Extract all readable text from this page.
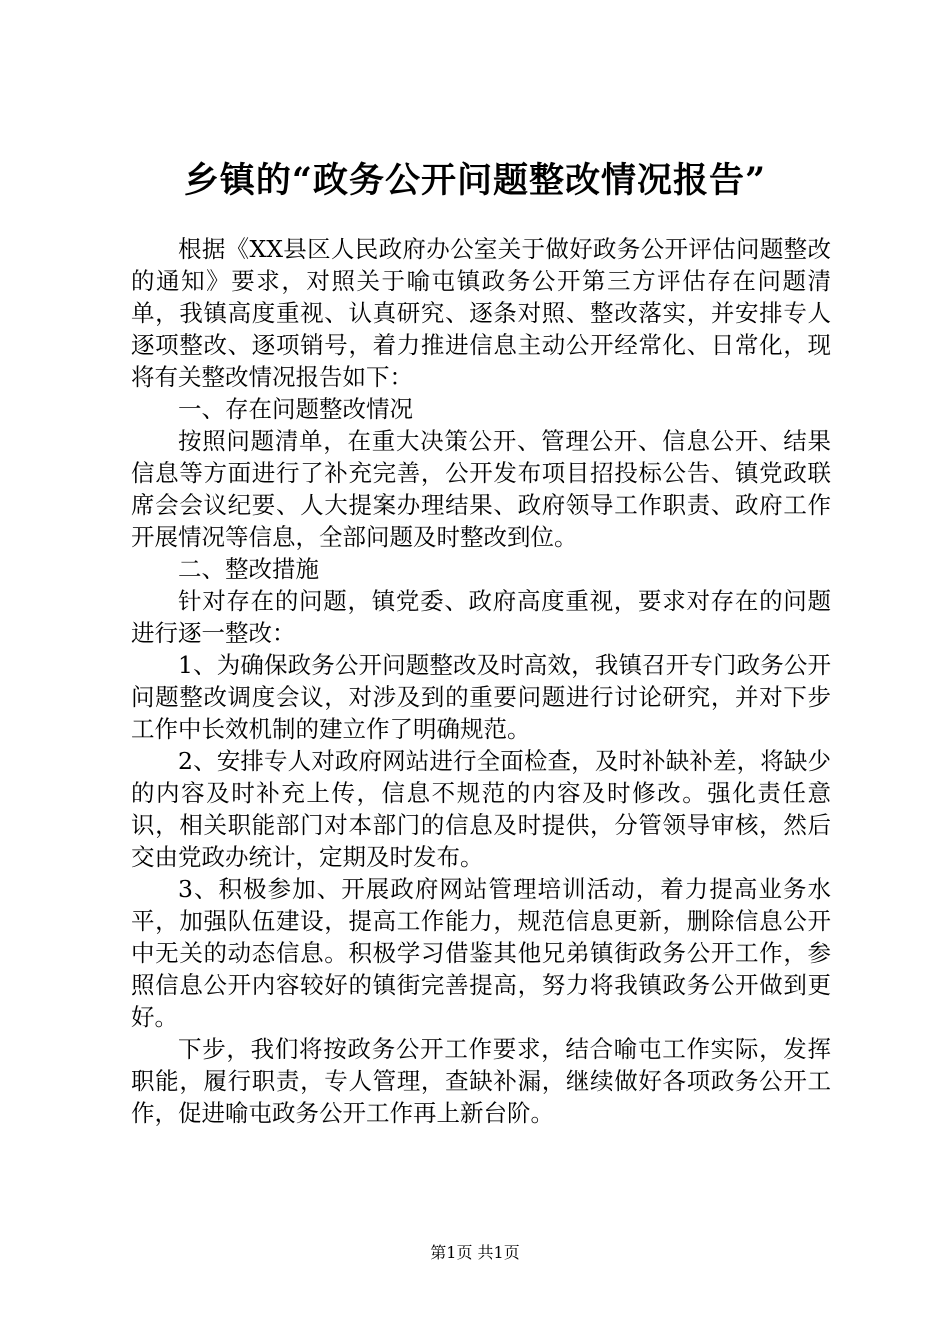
乡镇的“政务公开问题整改情况报告”

根据《XX县区人民政府办公室关于做好政务公开评估问题整改的通知》要求，对照关于喻屯镇政务公开第三方评估存在问题清单，我镇高度重视、认真研究、逐条对照、整改落实，并安排专人逐项整改、逐项销号，着力推进信息主动公开经常化、日常化，现将有关整改情况报告如下：

一、存在问题整改情况

按照问题清单，在重大决策公开、管理公开、信息公开、结果信息等方面进行了补充完善，公开发布项目招投标公告、镇党政联席会会议纪要、人大提案办理结果、政府领导工作职责、政府工作开展情况等信息，全部问题及时整改到位。

二、整改措施

针对存在的问题，镇党委、政府高度重视，要求对存在的问题进行逐一整改：

1、为确保政务公开问题整改及时高效，我镇召开专门政务公开问题整改调度会议，对涉及到的重要问题进行讨论研究，并对下步工作中长效机制的建立作了明确规范。

2、安排专人对政府网站进行全面检查，及时补缺补差，将缺少的内容及时补充上传，信息不规范的内容及时修改。强化责任意识，相关职能部门对本部门的信息及时提供，分管领导审核，然后交由党政办统计，定期及时发布。

3、积极参加、开展政府网站管理培训活动，着力提高业务水平，加强队伍建设，提高工作能力，规范信息更新，删除信息公开中无关的动态信息。积极学习借鉴其他兄弟镇街政务公开工作，参照信息公开内容较好的镇街完善提高，努力将我镇政务公开做到更好。

下步，我们将按政务公开工作要求，结合喻屯工作实际，发挥职能，履行职责，专人管理，查缺补漏，继续做好各项政务公开工作，促进喻屯政务公开工作再上新台阶。

第1页 共1页
